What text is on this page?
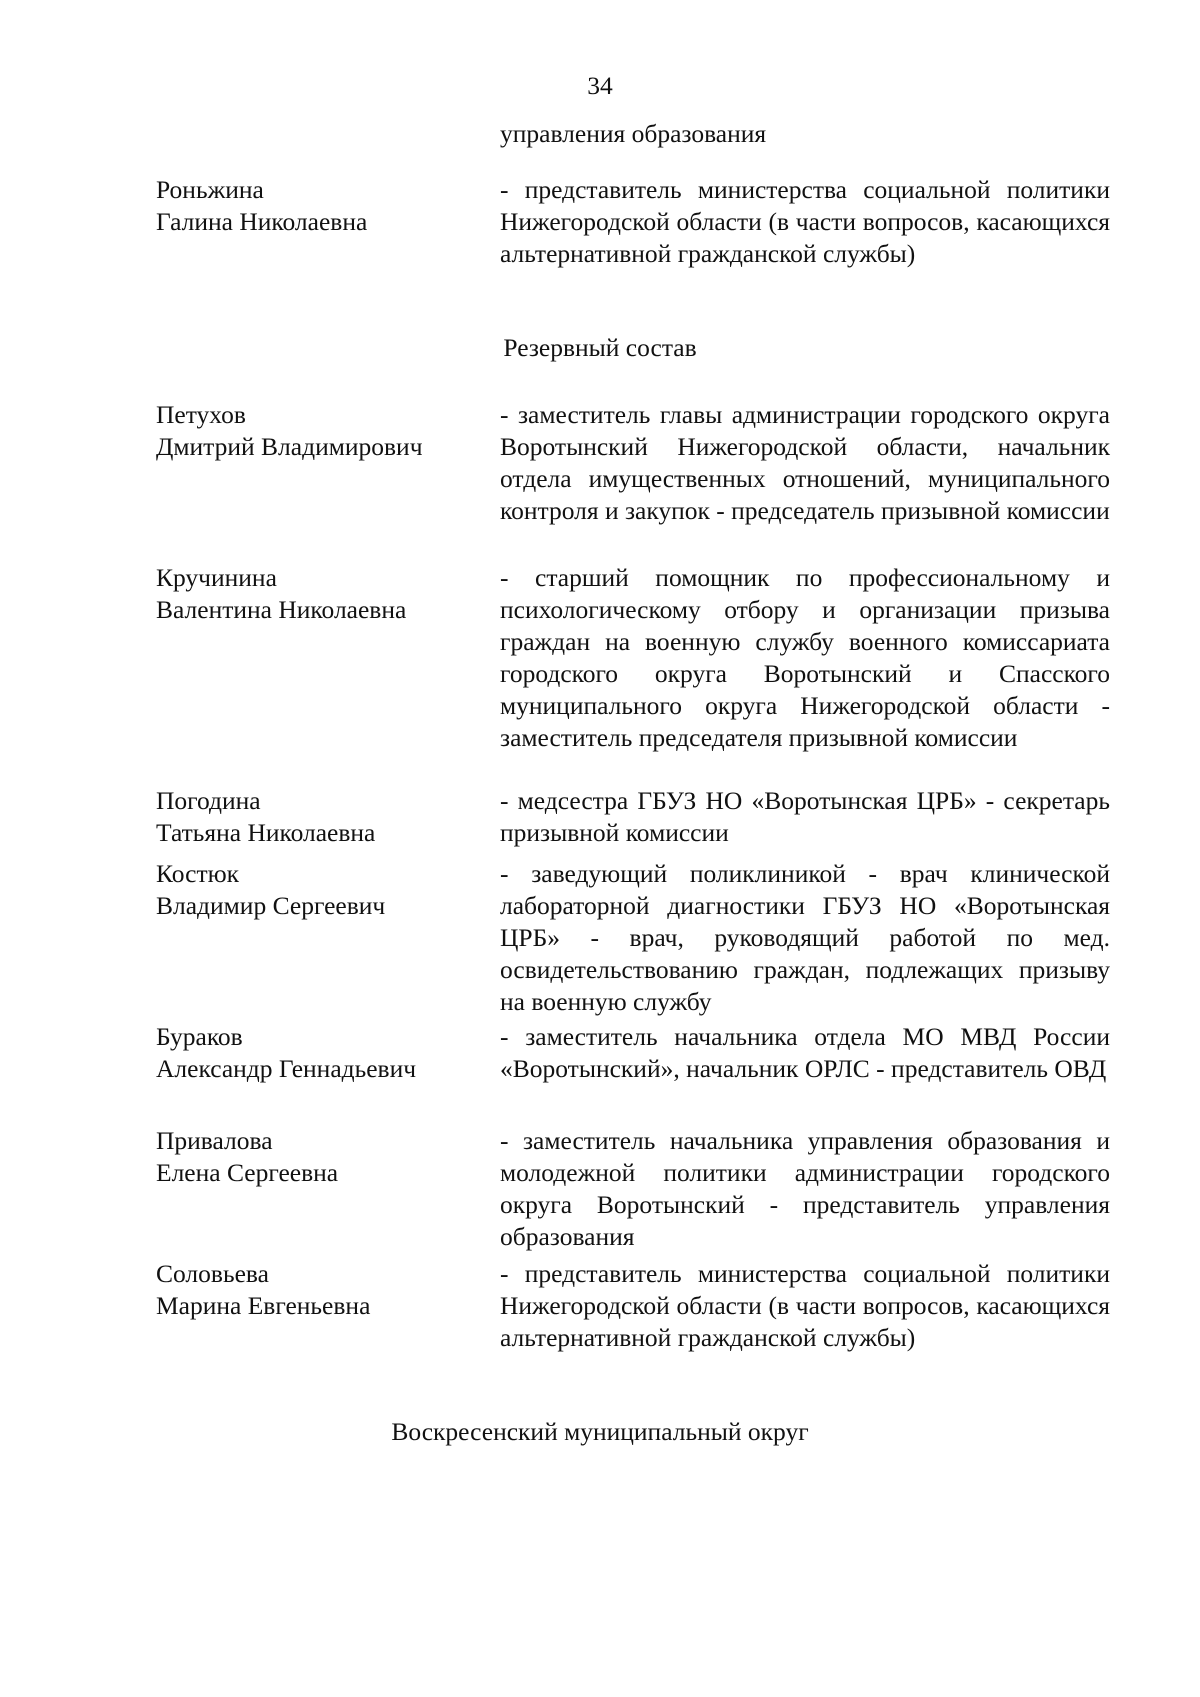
34
управления образования
Роньжина
Галина Николаевна
- представитель министерства социальной политики Нижегородской области (в части вопросов, касающихся альтернативной гражданской службы)
Резервный состав
Петухов
Дмитрий Владимирович
- заместитель главы администрации городского округа Воротынский Нижегородской области, начальник отдела имущественных отношений, муниципального контроля и закупок - председатель призывной комиссии
Кручинина
Валентина Николаевна
- старший помощник по профессиональному и психологическому отбору и организации призыва граждан на военную службу военного комиссариата городского округа Воротынский и Спасского муниципального округа Нижегородской области - заместитель председателя призывной комиссии
Погодина
Татьяна Николаевна
- медсестра ГБУЗ НО «Воротынская ЦРБ» - секретарь призывной комиссии
Костюк
Владимир Сергеевич
- заведующий поликлиникой - врач клинической лабораторной диагностики ГБУЗ НО «Воротынская ЦРБ» - врач, руководящий работой по мед. освидетельствованию граждан, подлежащих призыву на военную службу
Бураков
Александр Геннадьевич
- заместитель начальника отдела МО МВД России «Воротынский», начальник ОРЛС - представитель ОВД
Привалова
Елена Сергеевна
- заместитель начальника управления образования и молодежной политики администрации городского округа Воротынский - представитель управления образования
Соловьева
Марина Евгеньевна
- представитель министерства социальной политики Нижегородской области (в части вопросов, касающихся альтернативной гражданской службы)
Воскресенский муниципальный округ
